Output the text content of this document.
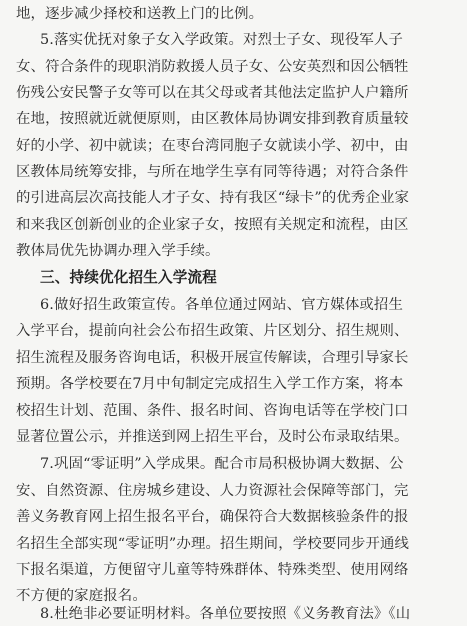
地，逐步减少择校和送教上门的比例。
5.落实优抚对象子女入学政策。对烈士子女、现役军人子
女、符合条件的现职消防救援人员子女、公安英烈和因公牺牲
伤残公安民警子女等可以在其父母或者其他法定监护人户籍所
在地，按照就近就便原则，由区教体局协调安排到教育质量较
好的小学、初中就读；在枣台湾同胞子女就读小学、初中，由
区教体局统筹安排，与所在地学生享有同等待遇；对符合条件
的引进高层次高技能人才子女、持有我区“绿卡”的优秀企业家
和来我区创新创业的企业家子女，按照有关规定和流程，由区
教体局优先协调办理入学手续。
三、持续优化招生入学流程
6.做好招生政策宣传。各单位通过网站、官方媒体或招生
入学平台，提前向社会公布招生政策、片区划分、招生规则、
招生流程及服务咨询电话，积极开展宣传解读，合理引导家长
预期。各学校要在7月中旬制定完成招生入学工作方案，将本
校招生计划、范围、条件、报名时间、咨询电话等在学校门口
显著位置公示，并推送到网上招生平台，及时公布录取结果。
7.巩固“零证明”入学成果。配合市局积极协调大数据、公
安、自然资源、住房城乡建设、人力资源社会保障等部门，完
善义务教育网上招生报名平台，确保符合大数据核验条件的报
名招生全部实现“零证明”办理。招生期间，学校要同步开通线
下报名渠道，方便留守儿童等特殊群体、特殊类型、使用网络
不方便的家庭报名。
8.杜绝非必要证明材料。各单位要按照《义务教育法》《山
